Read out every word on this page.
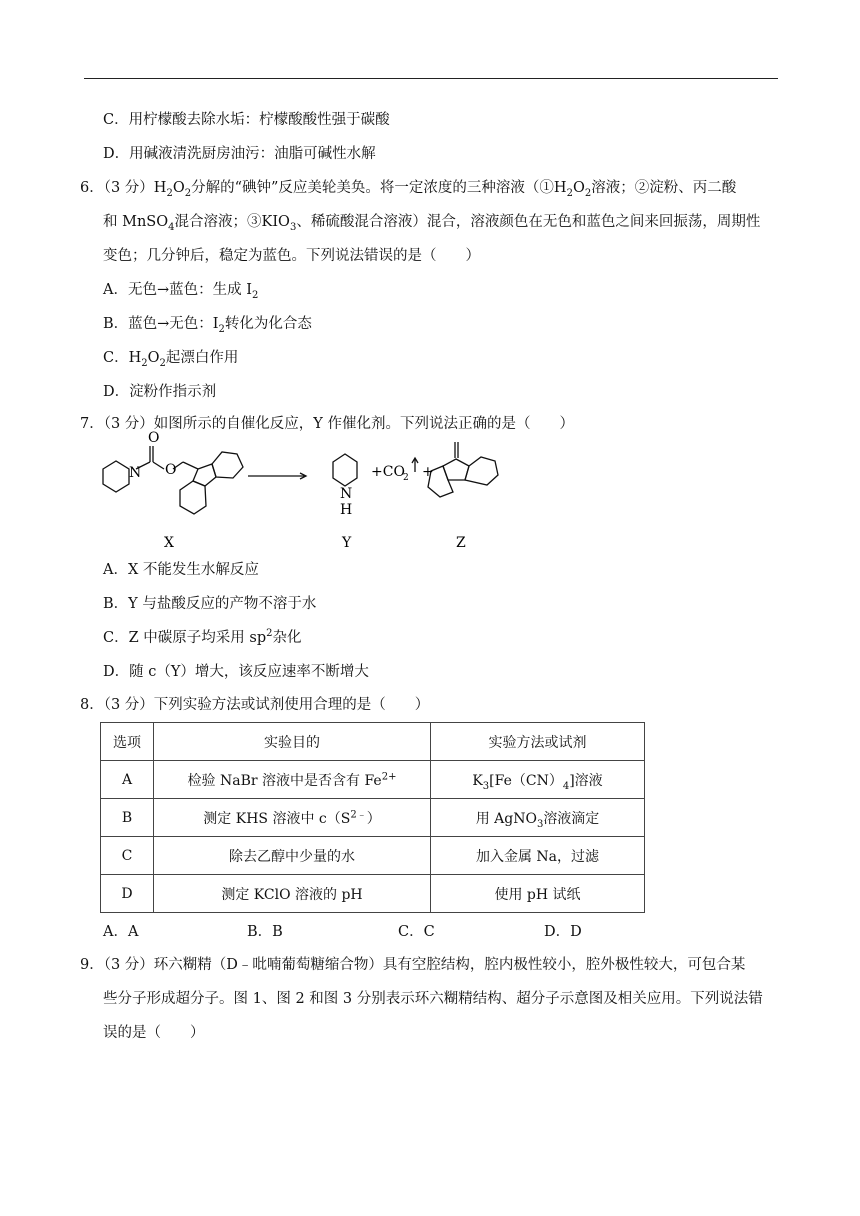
C．用柠檬酸去除水垢：柠檬酸酸性强于碳酸
D．用碱液清洗厨房油污：油脂可碱性水解
6．（3 分）$H_2O_2$分解的“碘钟”反应美轮美奂。将一定浓度的三种溶液（$①H_2O_2$溶液；②淀粉、丙二酸
和 MnSO$_4$混合溶液；$③KIO_3$、稀硫酸混合溶液）混合，溶液颜色在无色和蓝色之间来回振荡，周期性
变色；几分钟后，稳定为蓝色。下列说法错误的是（　　）
A．无色→蓝色：生成 $I_2$
B．蓝色→无色：$I_2$转化为化合态
C．$H_2O_2$起漂白作用
D．淀粉作指示剂
7．（3 分）如图所示的自催化反应，Y 作催化剂。下列说法正确的是（　　）
N
O
O
N
H
+CO
2 +
X	Y	Z
A．X 不能发生水解反应
B．Y 与盐酸反应的产物不溶于水
C．Z 中碳原子均采用 $sp^2$杂化
D．随 c（Y）增大，该反应速率不断增大
8．（3 分）下列实验方法或试剂使用合理的是（　　）
选项	实验目的	实验方法或试剂
A	检验 NaBr 溶液中是否含有 $Fe^{2+}$	$K_3[Fe(CN)_4]$溶液
B	测定 KHS 溶液中 $c(S^{2﹣})$	用 AgNO$_3$溶液滴定
C	除去乙醇中少量的水	加入金属 Na，过滤
D	测定 KClO 溶液的 pH	使用 pH 试纸
A．A	B．B	C．C	D．D
9．（3 分）环六糊精（D﹣吡喃葡萄糖缩合物）具有空腔结构，腔内极性较小，腔外极性较大，可包合某
些分子形成超分子。图 1、图 2 和图 3 分别表示环六糊精结构、超分子示意图及相关应用。下列说法错
误的是（　　）
